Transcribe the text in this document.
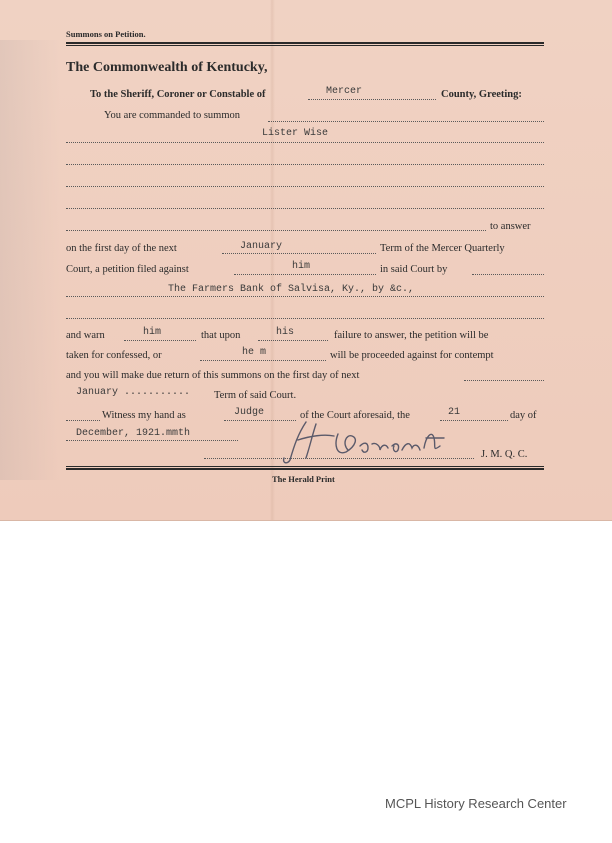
Summons on Petition.
The Commonwealth of Kentucky,
To the Sheriff, Coroner or Constable of	Mercer	County, Greeting:
You are commanded to summon
Lister Wise
to answer
on the first day of the next	January	Term of the Mercer Quarterly
Court, a petition filed against	him	in said Court by
The Farmers Bank of Salvisa, Ky., by &c.,
and warn	him	that upon	his	failure to answer, the petition will be
taken for confessed, or	he m	will be proceeded against for contempt
and you will make due return of this summons on the first day of next
January ........... Term of said Court.
Witness my hand as	Judge	of the Court aforesaid, the	21	day of
December, 1921.mmth
J. M. Q. C.
The Herald Print
MCPL History Research Center
